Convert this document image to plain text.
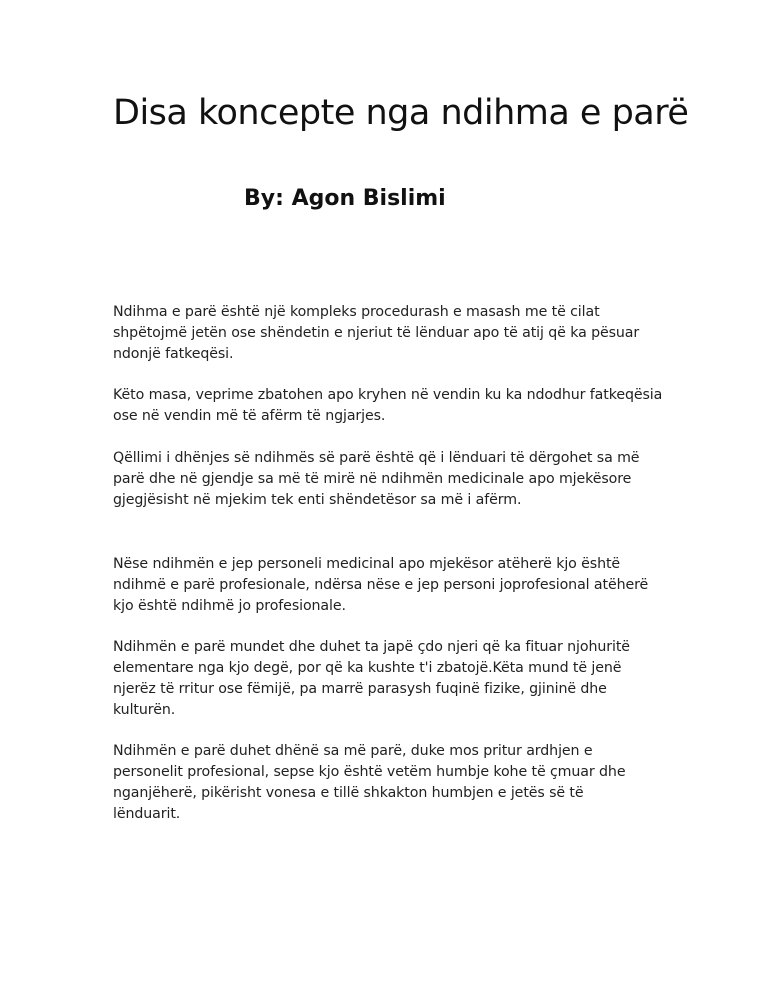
Disa koncepte nga ndihma e parë
By: Agon Bislimi

Ndihma e parë është një kompleks procedurash e masash me të cilat
shpëtojmë jetën ose shëndetin e njeriut të lënduar apo të atij që ka pësuar
ndonjë fatkeqësi.

Këto masa, veprime zbatohen apo kryhen në vendin ku ka ndodhur fatkeqësia
ose në vendin më të afërm të ngjarjes.

Qëllimi i dhënjes së ndihmës së parë është që i lënduari të dërgohet sa më
parë dhe në gjendje sa më të mirë në ndihmën medicinale apo mjekësore
gjegjësisht në mjekim tek enti shëndetësor sa më i afërm.

Nëse ndihmën e jep personeli medicinal apo mjekësor atëherë kjo është
ndihmë e parë profesionale, ndërsa nëse e jep personi joprofesional atëherë
kjo është ndihmë jo profesionale.

Ndihmën e parë mundet dhe duhet ta japë çdo njeri që ka fituar njohuritë
elementare nga kjo degë, por që ka kushte t'i zbatojë.Këta mund të jenë
njerëz të rritur ose fëmijë, pa marrë parasysh fuqinë fizike, gjininë dhe
kulturën.

Ndihmën e parë duhet dhënë sa më parë, duke mos pritur ardhjen e
personelit profesional, sepse kjo është vetëm humbje kohe të çmuar dhe
nganjëherë, pikërisht vonesa e tillë shkakton humbjen e jetës së të
lënduarit.
